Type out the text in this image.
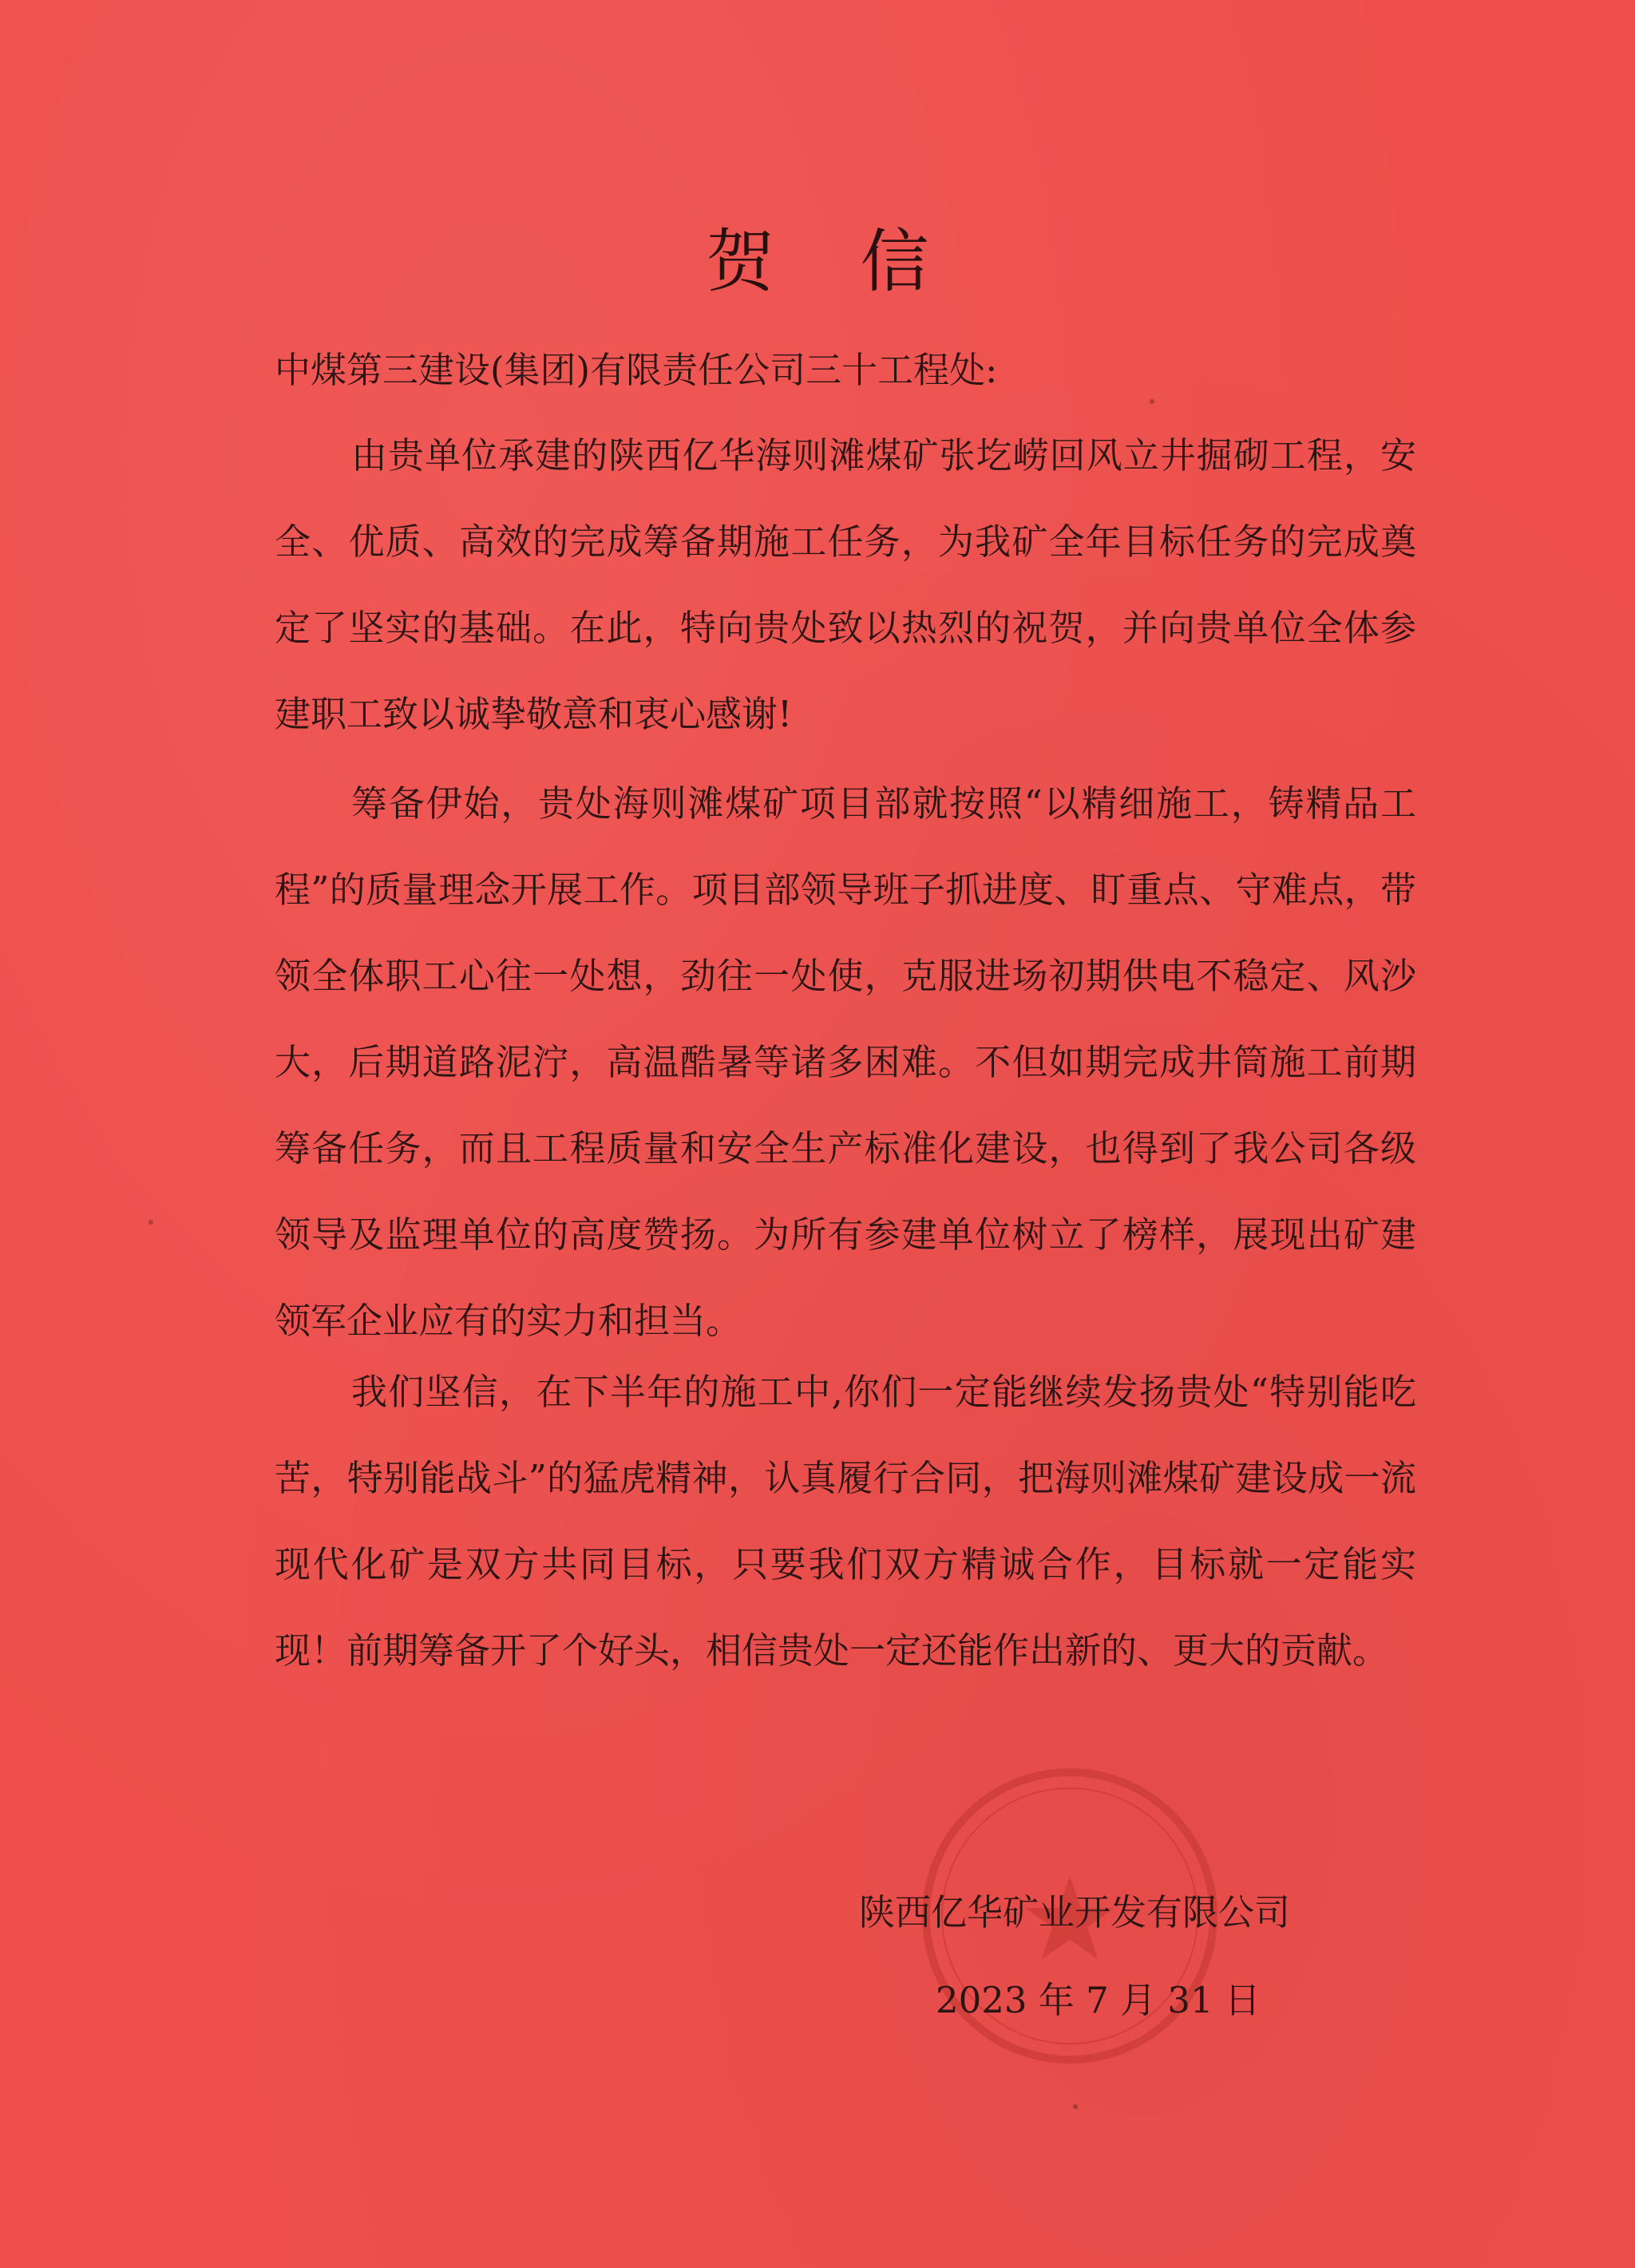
贺 信
中煤第三建设(集团)有限责任公司三十工程处:

由贵单位承建的陕西亿华海则滩煤矿张圪崂回风立井掘砌工程，安全、优质、高效的完成筹备期施工任务，为我矿全年目标任务的完成奠定了坚实的基础。在此，特向贵处致以热烈的祝贺，并向贵单位全体参建职工致以诚挚敬意和衷心感谢!

筹备伊始，贵处海则滩煤矿项目部就按照“以精细施工，铸精品工程”的质量理念开展工作。项目部领导班子抓进度、盯重点、守难点，带领全体职工心往一处想，劲往一处使，克服进场初期供电不稳定、风沙大，后期道路泥泞，高温酷暑等诸多困难。不但如期完成井筒施工前期筹备任务，而且工程质量和安全生产标准化建设，也得到了我公司各级领导及监理单位的高度赞扬。为所有参建单位树立了榜样，展现出矿建领军企业应有的实力和担当。

我们坚信，在下半年的施工中,你们一定能继续发扬贵处“特别能吃苦，特别能战斗”的猛虎精神，认真履行合同，把海则滩煤矿建设成一流现代化矿是双方共同目标，只要我们双方精诚合作，目标就一定能实现！前期筹备开了个好头，相信贵处一定还能作出新的、更大的贡献。

陕西亿华矿业开发有限公司
2023 年 7 月 31 日
